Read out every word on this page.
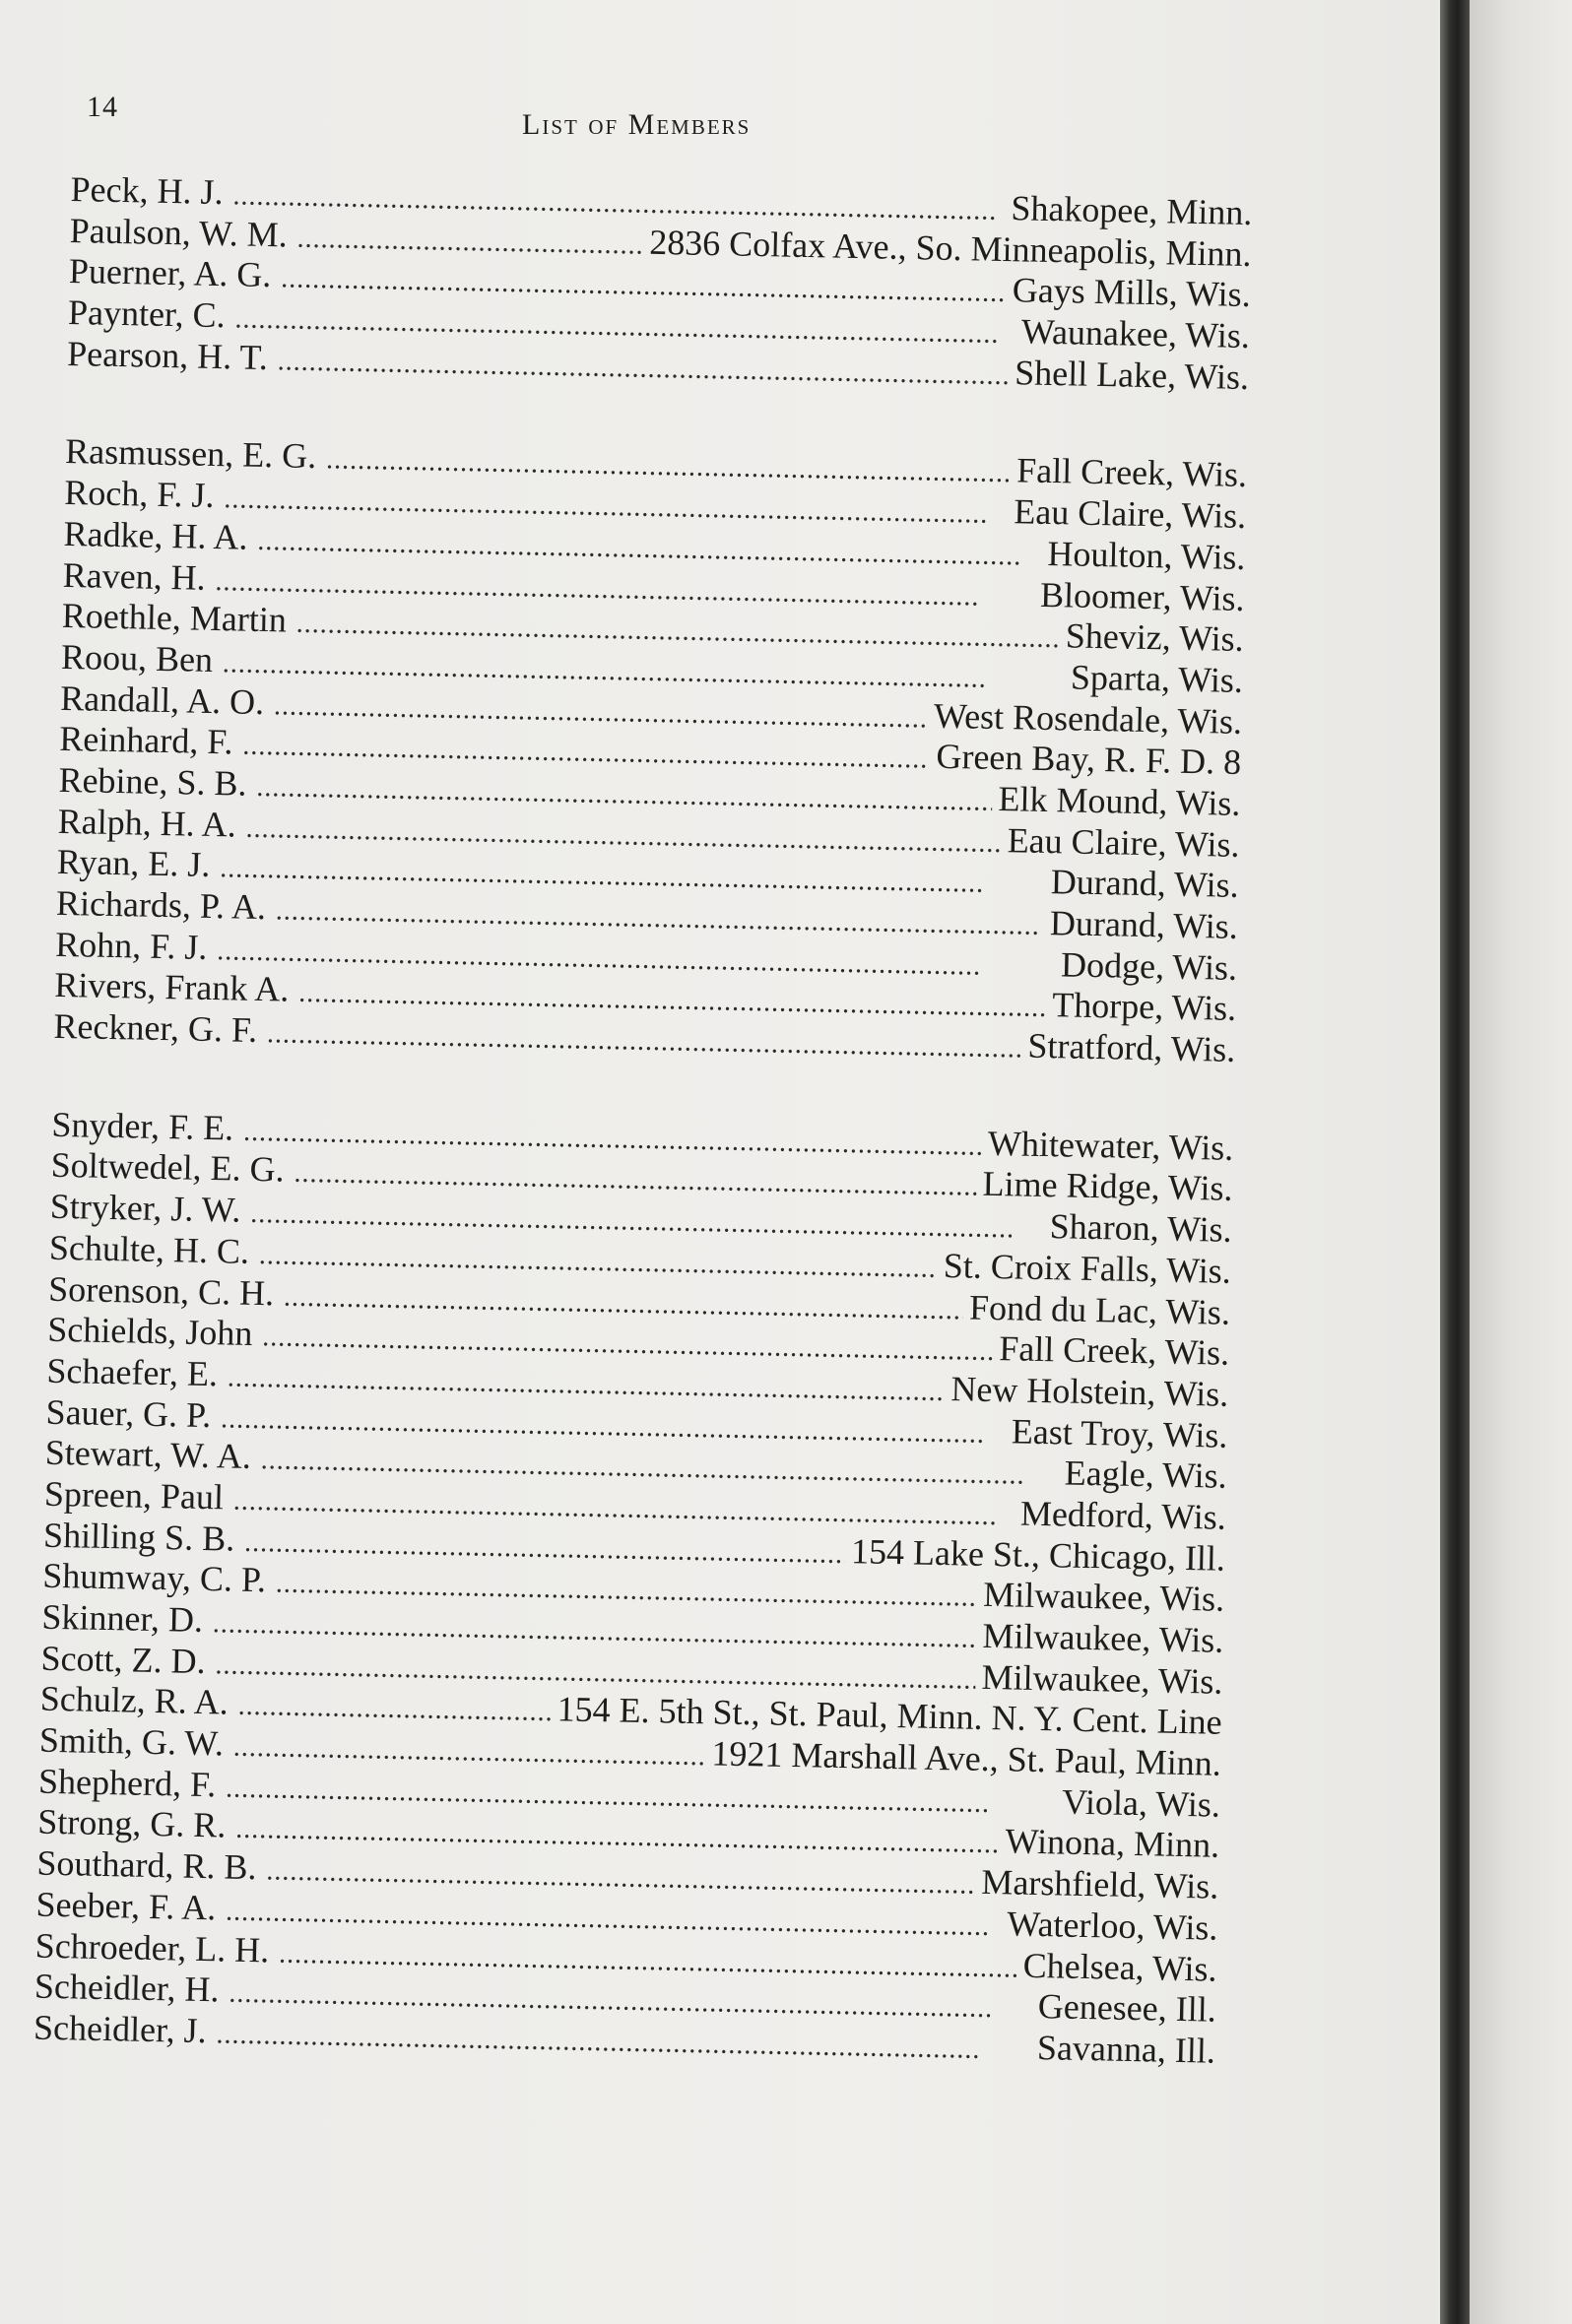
14
List of Members
Peck, H. J. . . .	Shakopee, Minn.
Paulson, W. M. . . .	2836 Colfax Ave., So. Minneapolis, Minn.
Puerner, A. G. . . .	Gays Mills, Wis.
Paynter, C. . . .	Waunakee, Wis.
Pearson, H. T. . . .	Shell Lake, Wis.
Rasmussen, E. G. . . .	Fall Creek, Wis.
Roch, F. J. . . .	Eau Claire, Wis.
Radke, H. A. . . .	Houlton, Wis.
Raven, H. . . .	Bloomer, Wis.
Roethle, Martin . . .	Sheviz, Wis.
Roou, Ben . . .	Sparta, Wis.
Randall, A. O. . . .	West Rosendale, Wis.
Reinhard, F. . . .	Green Bay, R. F. D. 8
Rebine, S. B. . . .	Elk Mound, Wis.
Ralph, H. A. . . .	Eau Claire, Wis.
Ryan, E. J. . . .	Durand, Wis.
Richards, P. A. . . .	Durand, Wis.
Rohn, F. J. . . .	Dodge, Wis.
Rivers, Frank A. . . .	Thorpe, Wis.
Reckner, G. F. . . .	Stratford, Wis.
Snyder, F. E. . . .	Whitewater, Wis.
Soltwedel, E. G. . . .	Lime Ridge, Wis.
Stryker, J. W. . . .	Sharon, Wis.
Schulte, H. C. . . .	St. Croix Falls, Wis.
Sorenson, C. H. . . .	Fond du Lac, Wis.
Schields, John . . .	Fall Creek, Wis.
Schaefer, E. . . .	New Holstein, Wis.
Sauer, G. P. . . .	East Troy, Wis.
Stewart, W. A. . . .	Eagle, Wis.
Spreen, Paul . . .	Medford, Wis.
Shilling S. B. . . .	154 Lake St., Chicago, Ill.
Shumway, C. P. . . .	Milwaukee, Wis.
Skinner, D. . . .	Milwaukee, Wis.
Scott, Z. D. . . .	Milwaukee, Wis.
Schulz, R. A. . . .	154 E. 5th St., St. Paul, Minn. N. Y. Cent. Line
Smith, G. W. . . .	1921 Marshall Ave., St. Paul, Minn.
Shepherd, F. . . .	Viola, Wis.
Strong, G. R. . . .	Winona, Minn.
Southard, R. B. . . .	Marshfield, Wis.
Seeber, F. A. . . .	Waterloo, Wis.
Schroeder, L. H. . . .	Chelsea, Wis.
Scheidler, H. . . .	Genesee, Ill.
Scheidler, J. . . .	Savanna, Ill.
